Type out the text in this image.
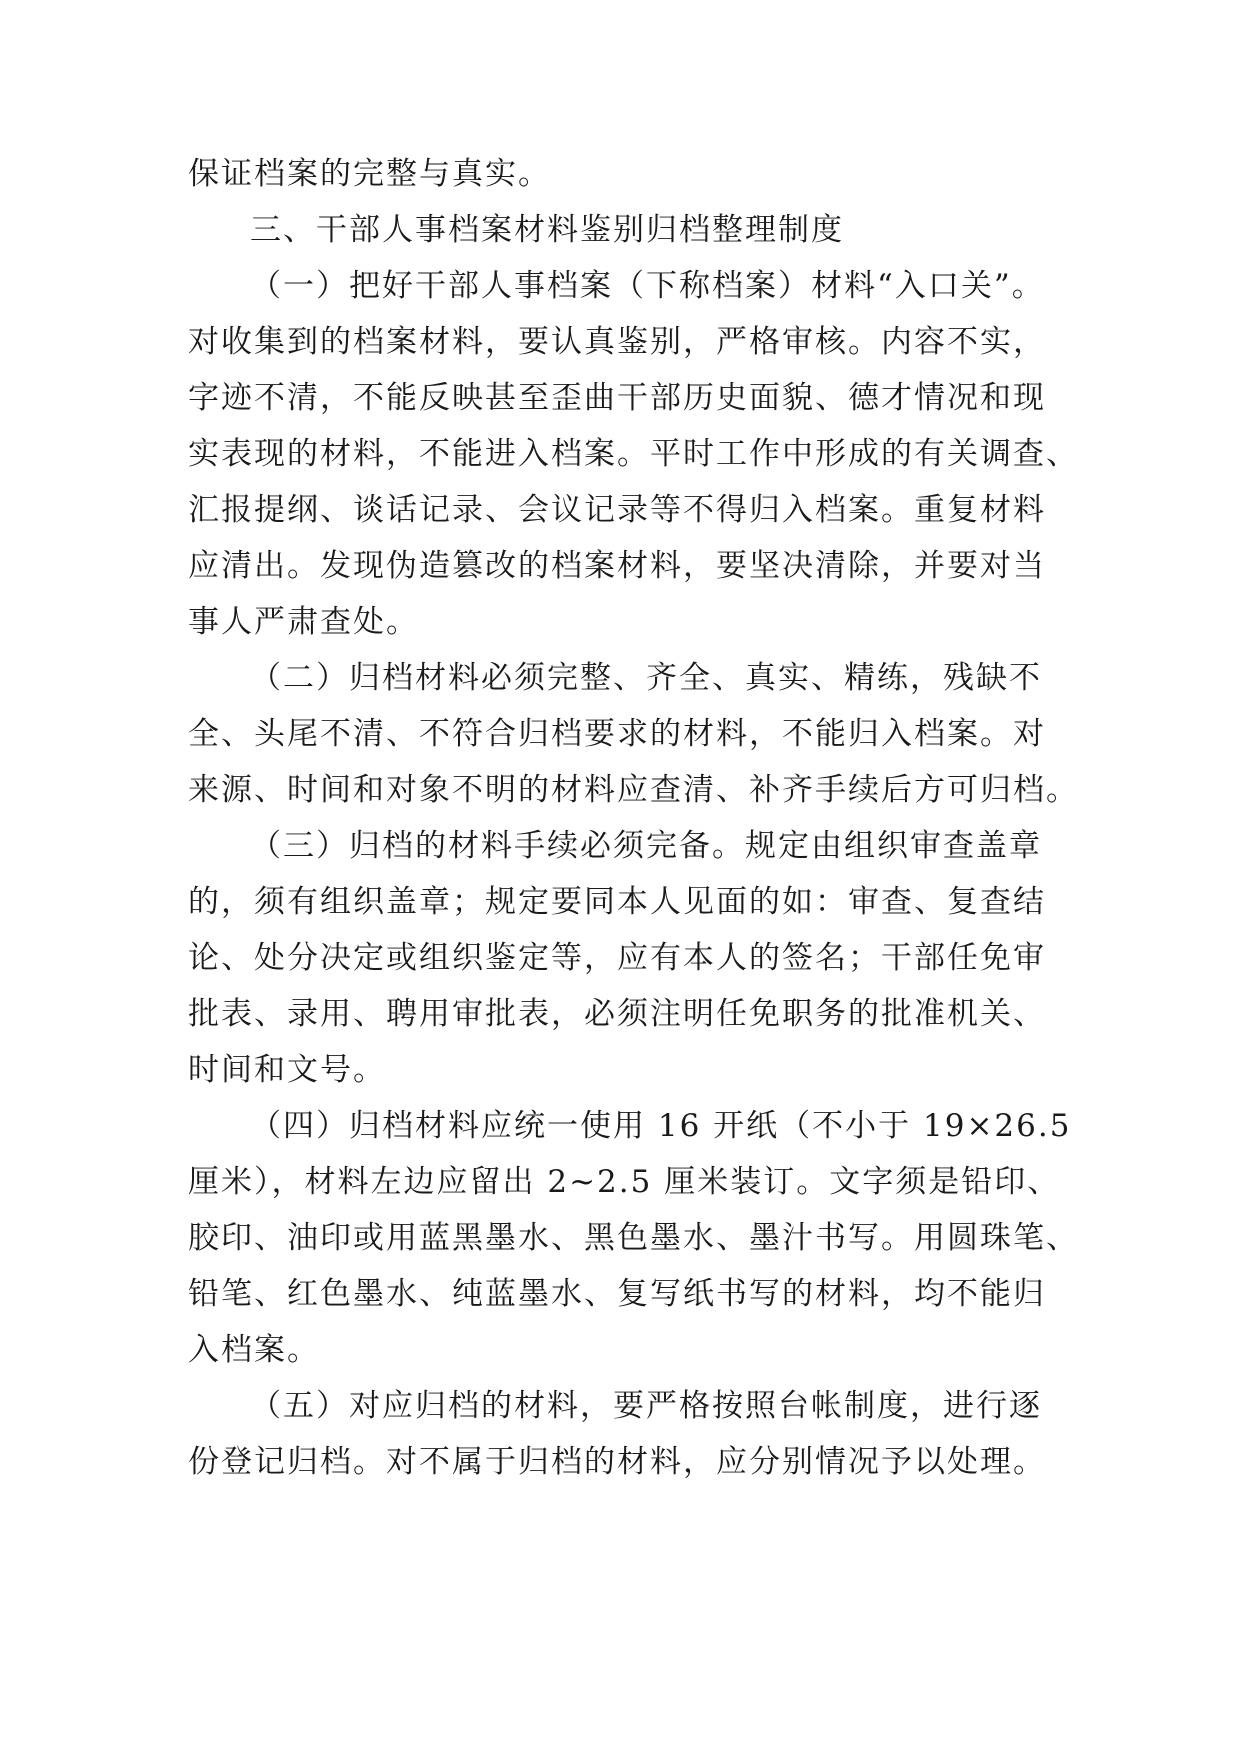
保证档案的完整与真实。
三、干部人事档案材料鉴别归档整理制度
（一）把好干部人事档案（下称档案）材料“入口关”。
对收集到的档案材料，要认真鉴别，严格审核。内容不实，
字迹不清，不能反映甚至歪曲干部历史面貌、德才情况和现
实表现的材料，不能进入档案。平时工作中形成的有关调查、
汇报提纲、谈话记录、会议记录等不得归入档案。重复材料
应清出。发现伪造篡改的档案材料，要坚决清除，并要对当
事人严肃查处。
（二）归档材料必须完整、齐全、真实、精练，残缺不
全、头尾不清、不符合归档要求的材料，不能归入档案。对
来源、时间和对象不明的材料应查清、补齐手续后方可归档。
（三）归档的材料手续必须完备。规定由组织审查盖章
的，须有组织盖章；规定要同本人见面的如：审查、复查结
论、处分决定或组织鉴定等，应有本人的签名；干部任免审
批表、录用、聘用审批表，必须注明任免职务的批准机关、
时间和文号。
（四）归档材料应统一使用 16 开纸（不小于 19×26.5
厘米），材料左边应留出 2~2.5 厘米装订。文字须是铅印、
胶印、油印或用蓝黑墨水、黑色墨水、墨汁书写。用圆珠笔、
铅笔、红色墨水、纯蓝墨水、复写纸书写的材料，均不能归
入档案。
（五）对应归档的材料，要严格按照台帐制度，进行逐
份登记归档。对不属于归档的材料，应分别情况予以处理。
